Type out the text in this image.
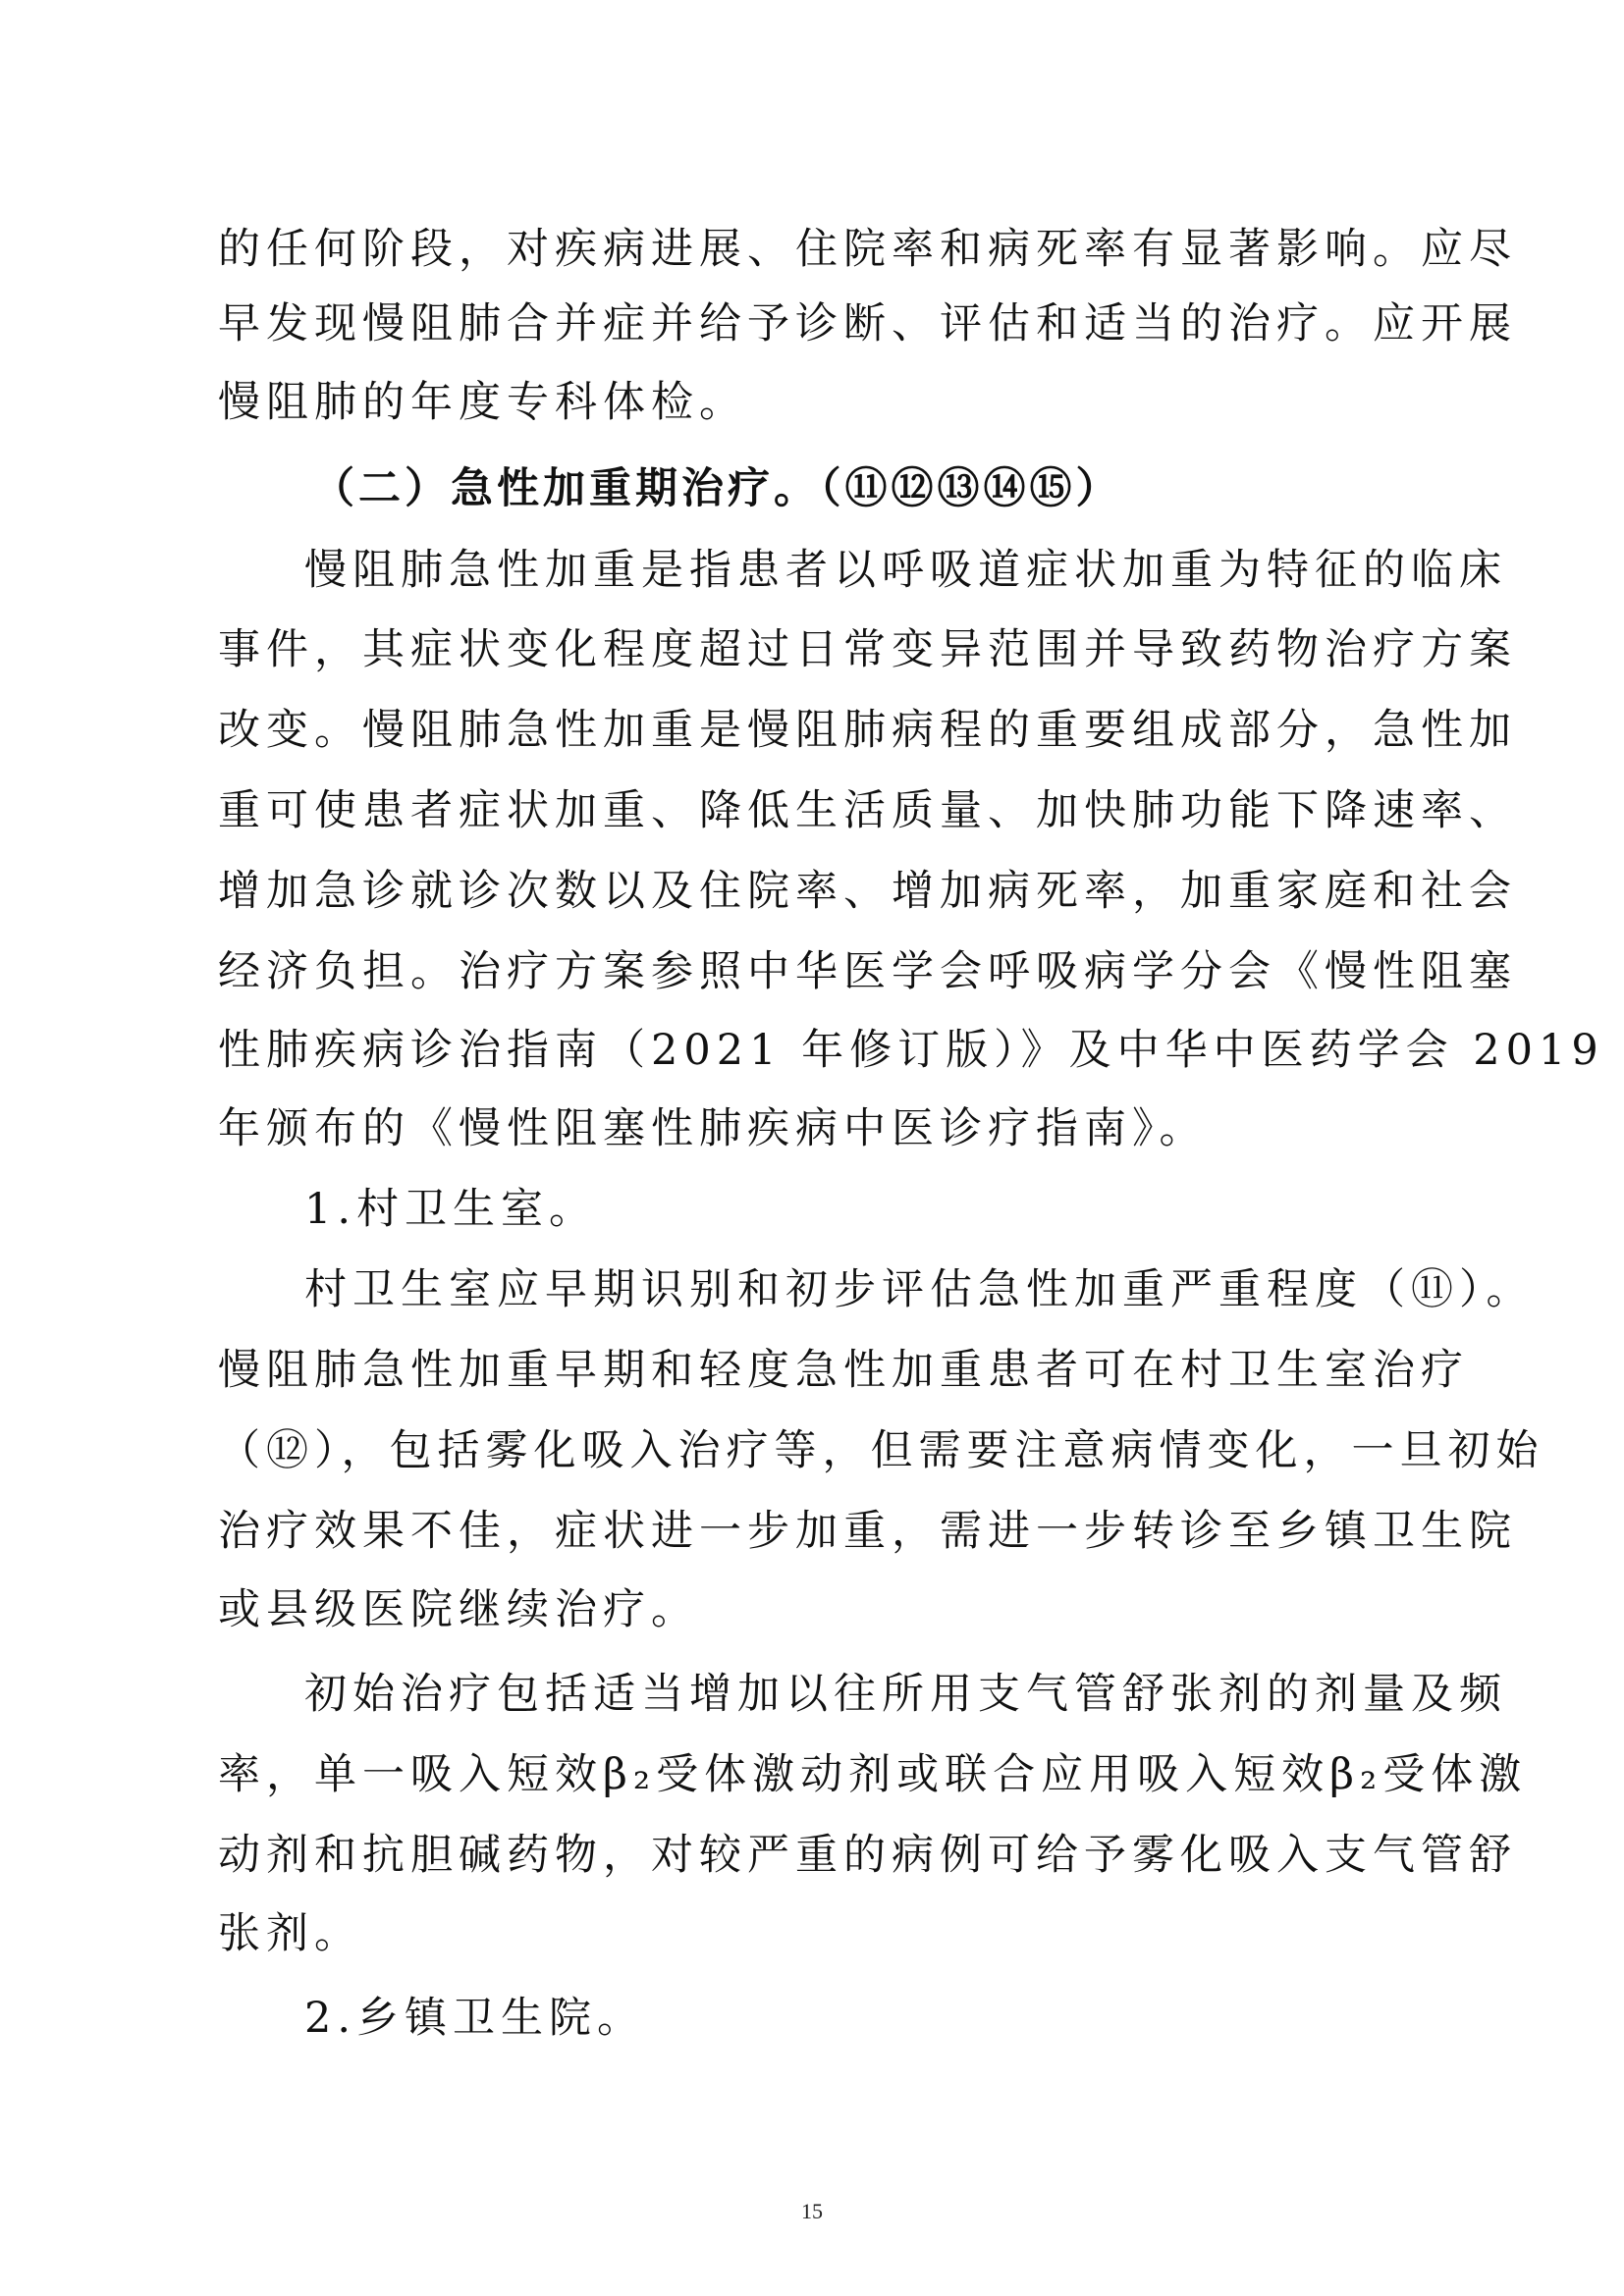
的任何阶段，对疾病进展、住院率和病死率有显著影响。应尽
早发现慢阻肺合并症并给予诊断、评估和适当的治疗。应开展
慢阻肺的年度专科体检。
（二）急性加重期治疗。（⑪⑫⑬⑭⑮）
慢阻肺急性加重是指患者以呼吸道症状加重为特征的临床
事件，其症状变化程度超过日常变异范围并导致药物治疗方案
改变。慢阻肺急性加重是慢阻肺病程的重要组成部分，急性加
重可使患者症状加重、降低生活质量、加快肺功能下降速率、
增加急诊就诊次数以及住院率、增加病死率，加重家庭和社会
经济负担。治疗方案参照中华医学会呼吸病学分会《慢性阻塞
性肺疾病诊治指南（2021 年修订版）》及中华中医药学会 2019
年颁布的《慢性阻塞性肺疾病中医诊疗指南》。
1.村卫生室。
村卫生室应早期识别和初步评估急性加重严重程度（⑪）。
慢阻肺急性加重早期和轻度急性加重患者可在村卫生室治疗
（⑫），包括雾化吸入治疗等，但需要注意病情变化，一旦初始
治疗效果不佳，症状进一步加重，需进一步转诊至乡镇卫生院
或县级医院继续治疗。
初始治疗包括适当增加以往所用支气管舒张剂的剂量及频
率，单一吸入短效β₂受体激动剂或联合应用吸入短效β₂受体激
动剂和抗胆碱药物，对较严重的病例可给予雾化吸入支气管舒
张剂。
2.乡镇卫生院。
15
